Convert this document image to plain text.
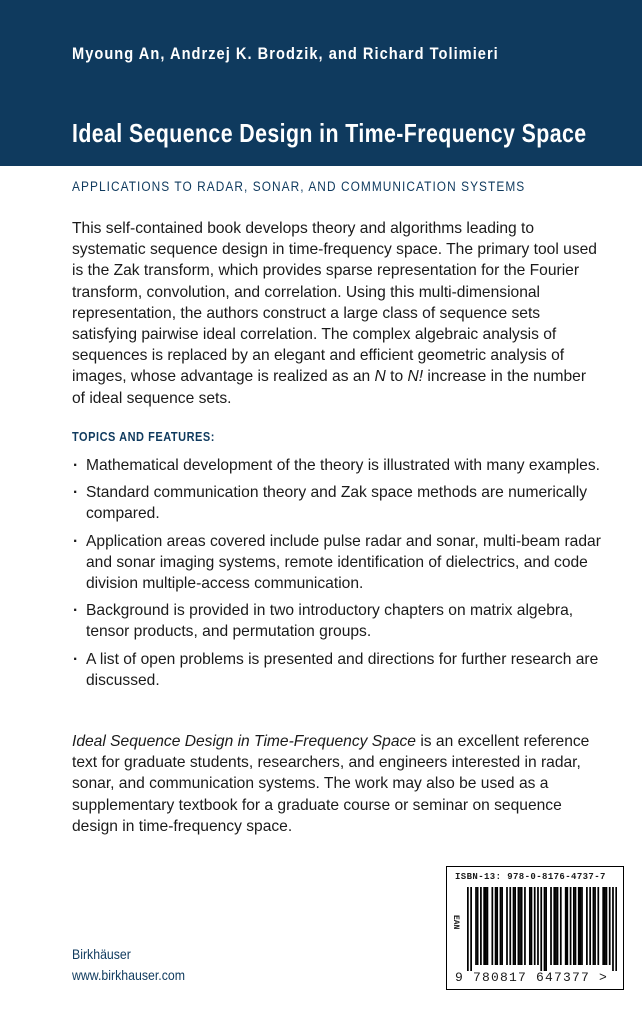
Myoung An, Andrzej K. Brodzik, and Richard Tolimieri
Ideal Sequence Design in Time-Frequency Space
APPLICATIONS TO RADAR, SONAR, AND COMMUNICATION SYSTEMS

This self-contained book develops theory and algorithms leading to systematic sequence design in time-frequency space. The primary tool used is the Zak transform, which provides sparse representation for the Fourier transform, convolution, and correlation. Using this multi-dimensional representation, the authors construct a large class of sequence sets satisfying pairwise ideal correlation. The complex algebraic analysis of sequences is replaced by an elegant and efficient geometric analysis of images, whose advantage is realized as an N to N! increase in the number of ideal sequence sets.

TOPICS AND FEATURES:
· Mathematical development of the theory is illustrated with many examples.
· Standard communication theory and Zak space methods are numerically compared.
· Application areas covered include pulse radar and sonar, multi-beam radar and sonar imaging systems, remote identification of dielectrics, and code division multiple-access communication.
· Background is provided in two introductory chapters on matrix algebra, tensor products, and permutation groups.
· A list of open problems is presented and directions for further research are discussed.

Ideal Sequence Design in Time-Frequency Space is an excellent reference text for graduate students, researchers, and engineers interested in radar, sonar, and communication systems. The work may also be used as a supplementary textbook for a graduate course or seminar on sequence design in time-frequency space.

Birkhäuser
www.birkhauser.com
ISBN-13: 978-0-8176-4737-7
EAN
9 780817 647377 >
